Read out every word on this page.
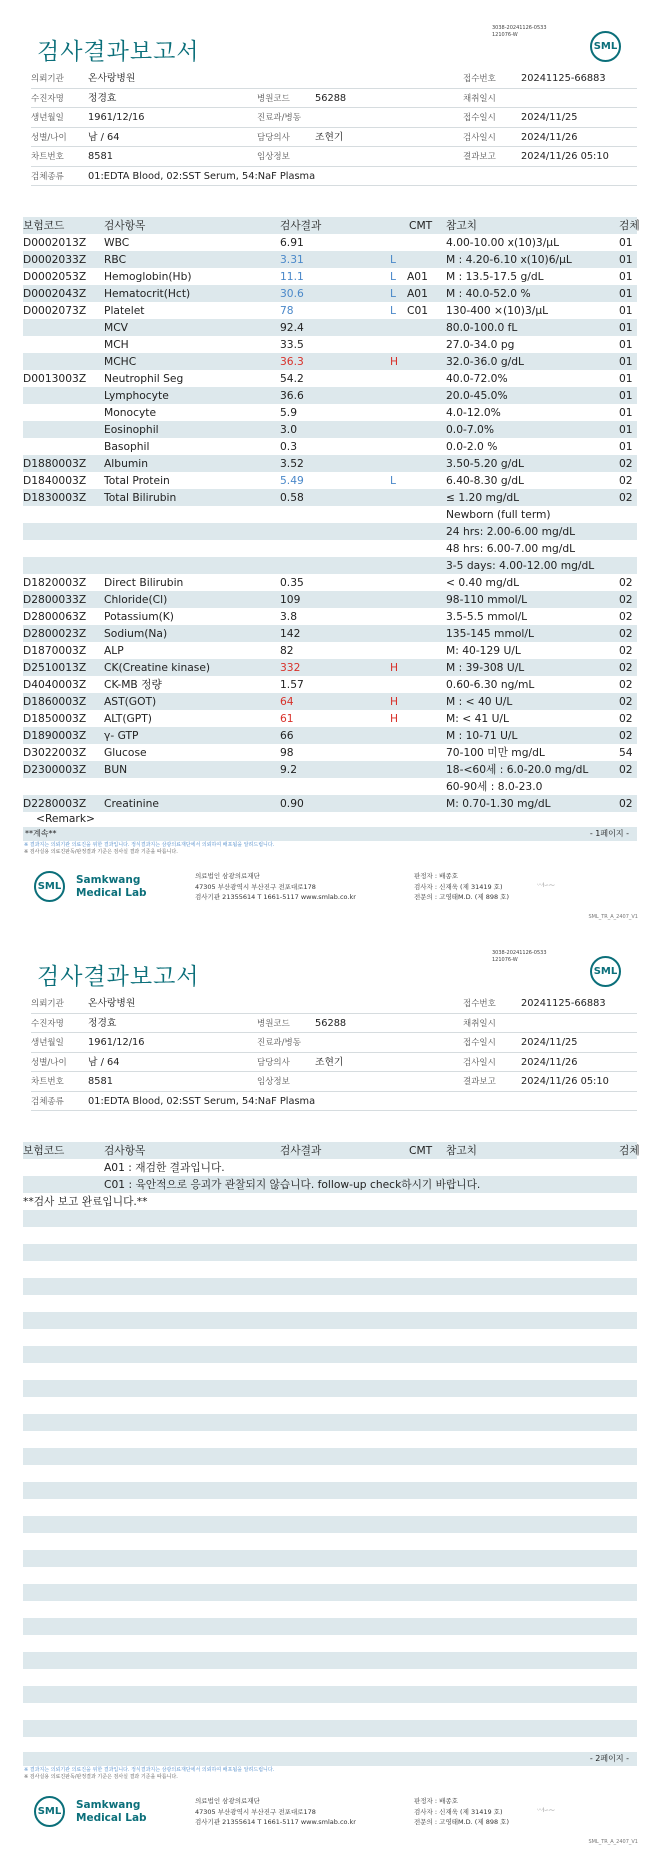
3038-20241126-0533
121076-W
검사결과보고서	SML
의뢰기관 온사랑병원	접수번호	20241125-66883
수진자명 정경효	병원코드	56288	채취일시
생년월일 1961/12/16	진료과/병동	접수일시	2024/11/25
성별/나이 남 / 64	담당의사	조현기	검사일시	2024/11/26
차트번호 8581	임상정보	결과보고	2024/11/26 05:10
검체종류 01:EDTA Blood, 02:SST Serum, 54:NaF Plasma
보험코드	검사항목	검사결과	CMT 참고치	검체
D0002013Z WBC	6.91	4.00-10.00 x(10)3/μL	01
D0002033Z RBC	3.31	L	M : 4.20-6.10 x(10)6/μL	01
D0002053Z Hemoglobin(Hb)	11.1	L A01 M : 13.5-17.5 g/dL	01
D0002043Z Hematocrit(Hct)	30.6	L A01 M : 40.0-52.0 %	01
D0002073Z Platelet	78	L C01 130-400 ×(10)3/μL	01
MCV	92.4	80.0-100.0 fL	01
MCH	33.5	27.0-34.0 pg	01
MCHC	36.3	H	32.0-36.0 g/dL	01
D0013003Z Neutrophil Seg	54.2	40.0-72.0%	01
Lymphocyte	36.6	20.0-45.0%	01
Monocyte	5.9	4.0-12.0%	01
Eosinophil	3.0	0.0-7.0%	01
Basophil	0.3	0.0-2.0 %	01
D1880003Z Albumin	3.52	3.50-5.20 g/dL	02
D1840003Z Total Protein	5.49	L	6.40-8.30 g/dL	02
D1830003Z Total Bilirubin	0.58	≤ 1.20 mg/dL	02
Newborn (full term)
24 hrs: 2.00-6.00 mg/dL
48 hrs: 6.00-7.00 mg/dL
3-5 days: 4.00-12.00 mg/dL
D1820003Z Direct Bilirubin	0.35	< 0.40 mg/dL	02
D2800033Z Chloride(Cl)	109	98-110 mmol/L	02
D2800063Z Potassium(K)	3.8	3.5-5.5 mmol/L	02
D2800023Z Sodium(Na)	142	135-145 mmol/L	02
D1870003Z ALP	82	M: 40-129 U/L	02
D2510013Z CK(Creatine kinase)	332	H	M : 39-308 U/L	02
D4040003Z CK-MB 정량	1.57	0.60-6.30 ng/mL	02
D1860003Z AST(GOT)	64	H	M : < 40 U/L	02
D1850003Z ALT(GPT)	61	H	M: < 41 U/L	02
D1890003Z γ- GTP	66	M : 10-71 U/L	02
D3022003Z Glucose	98	70-100 미만 mg/dL	54
D2300003Z BUN	9.2	18-<60세 : 6.0-20.0 mg/dL	02
60-90세 : 8.0-23.0
D2280003Z Creatinine	0.90	M: 0.70-1.30 mg/dL	02
<Remark>
**계속**	- 1페이지 -
※ 결과지는 의뢰기관 의료진을 위한 결과입니다. 정식결과지는 삼광의료재단에서 의뢰하여 배포됨을 알려드립니다.
※ 검사실용 의료진판독/판정결과 기준은 검사실 결과 기준을 따릅니다.
SML
Samkwang
Medical Lab
의료법인 삼광의료재단
47305 부산광역시 부산진구 전포대로178
검사기관 21355614 T 1661-5117 www.smlab.co.kr
판정자 : 배종호
검사자 : 신재욱 (제 31419 호)
전문의 : 고영태M.D. (제 898 호)
〰⌇∽ ⁓
SML_TR_A_2407_V1
3038-20241126-0533
121076-W
검사결과보고서	SML
의뢰기관 온사랑병원	접수번호	20241125-66883
수진자명 정경효	병원코드	56288	채취일시
생년월일 1961/12/16	진료과/병동	접수일시	2024/11/25
성별/나이 남 / 64	담당의사	조현기	검사일시	2024/11/26
차트번호 8581	임상정보	결과보고	2024/11/26 05:10
검체종류 01:EDTA Blood, 02:SST Serum, 54:NaF Plasma
보험코드	검사항목	검사결과	CMT 참고치	검체
A01 : 재검한 결과입니다.
C01 : 육안적으로 응괴가 관찰되지 않습니다. follow-up check하시기 바랍니다.
**검사 보고 완료입니다.**
- 2페이지 -
※ 결과지는 의뢰기관 의료진을 위한 결과입니다. 정식결과지는 삼광의료재단에서 의뢰하여 배포됨을 알려드립니다.
※ 검사실용 의료진판독/판정결과 기준은 검사실 결과 기준을 따릅니다.
SML
Samkwang
Medical Lab
의료법인 삼광의료재단
47305 부산광역시 부산진구 전포대로178
검사기관 21355614 T 1661-5117 www.smlab.co.kr
판정자 : 배종호
검사자 : 신재욱 (제 31419 호)
전문의 : 고영태M.D. (제 898 호)
〰⌇∽ ⁓
SML_TR_A_2407_V1
